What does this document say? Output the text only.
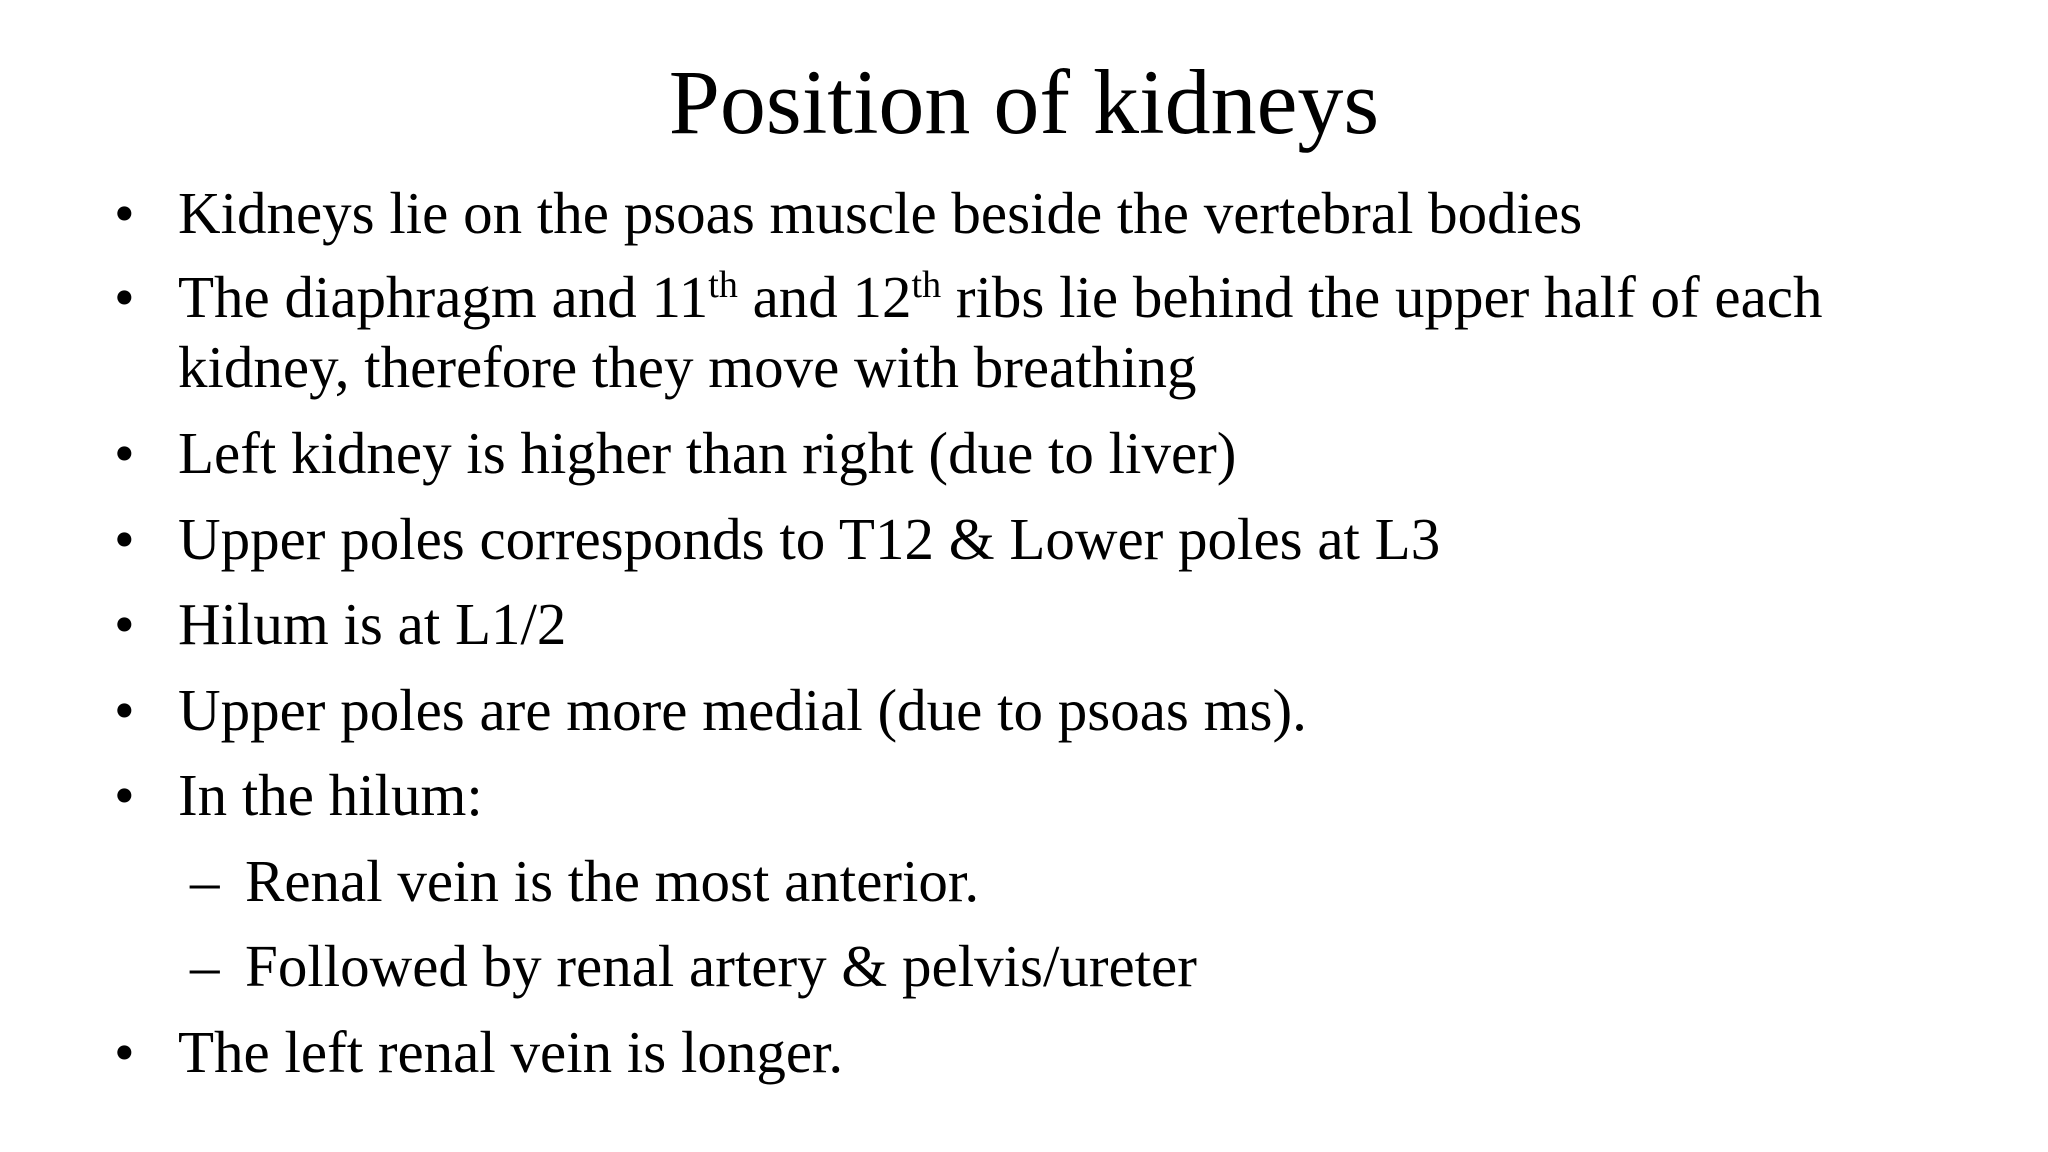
Position of kidneys
• Kidneys lie on the psoas muscle beside the vertebral bodies
• The diaphragm and 11th and 12th ribs lie behind the upper half of each kidney, therefore they move with breathing
• Left kidney is higher than right (due to liver)
• Upper poles corresponds to T12 & Lower poles at L3
• Hilum is at L1/2
• Upper poles are more medial (due to psoas ms).
• In the hilum:
– Renal vein is the most anterior.
– Followed by renal artery & pelvis/ureter
• The left renal vein is longer.
